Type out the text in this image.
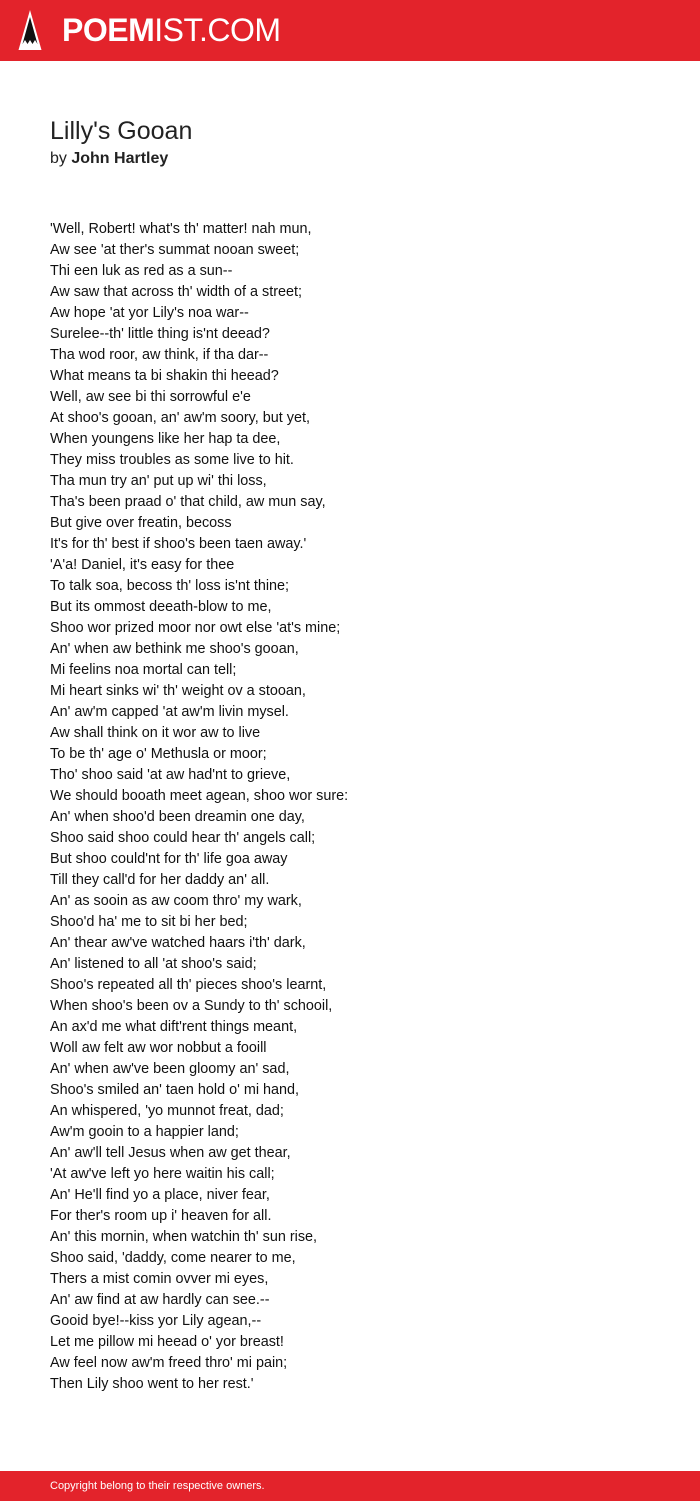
POEMIST.COM
Lilly's Gooan
by John Hartley
'Well, Robert! what's th' matter! nah mun,
Aw see 'at ther's summat nooan sweet;
Thi een luk as red as a sun--
Aw saw that across th' width of a street;
Aw hope 'at yor Lily's noa war--
Surelee--th' little thing is'nt deead?
Tha wod roor, aw think, if tha dar--
What means ta bi shakin thi heead?
Well, aw see bi thi sorrowful e'e
At shoo's gooan, an' aw'm soory, but yet,
When youngens like her hap ta dee,
They miss troubles as some live to hit.
Tha mun try an' put up wi' thi loss,
Tha's been praad o' that child, aw mun say,
But give over freatin, becoss
It's for th' best if shoo's been taen away.'
'A'a! Daniel, it's easy for thee
To talk soa, becoss th' loss is'nt thine;
But its ommost deeath-blow to me,
Shoo wor prized moor nor owt else 'at's mine;
An' when aw bethink me shoo's gooan,
Mi feelins noa mortal can tell;
Mi heart sinks wi' th' weight ov a stooan,
An' aw'm capped 'at aw'm livin mysel.
Aw shall think on it wor aw to live
To be th' age o' Methusla or moor;
Tho' shoo said 'at aw had'nt to grieve,
We should booath meet agean, shoo wor sure:
An' when shoo'd been dreamin one day,
Shoo said shoo could hear th' angels call;
But shoo could'nt for th' life goa away
Till they call'd for her daddy an' all.
An' as sooin as aw coom thro' my wark,
Shoo'd ha' me to sit bi her bed;
An' thear aw've watched haars i'th' dark,
An' listened to all 'at shoo's said;
Shoo's repeated all th' pieces shoo's learnt,
When shoo's been ov a Sundy to th' schooil,
An ax'd me what dift'rent things meant,
Woll aw felt aw wor nobbut a fooill
An' when aw've been gloomy an' sad,
Shoo's smiled an' taen hold o' mi hand,
An whispered, 'yo munnot freat, dad;
Aw'm gooin to a happier land;
An' aw'll tell Jesus when aw get thear,
'At aw've left yo here waitin his call;
An' He'll find yo a place, niver fear,
For ther's room up i' heaven for all.
An' this mornin, when watchin th' sun rise,
Shoo said, 'daddy, come nearer to me,
Thers a mist comin ovver mi eyes,
An' aw find at aw hardly can see.--
Gooid bye!--kiss yor Lily agean,--
Let me pillow mi heead o' yor breast!
Aw feel now aw'm freed thro' mi pain;
Then Lily shoo went to her rest.'
Copyright belong to their respective owners.
